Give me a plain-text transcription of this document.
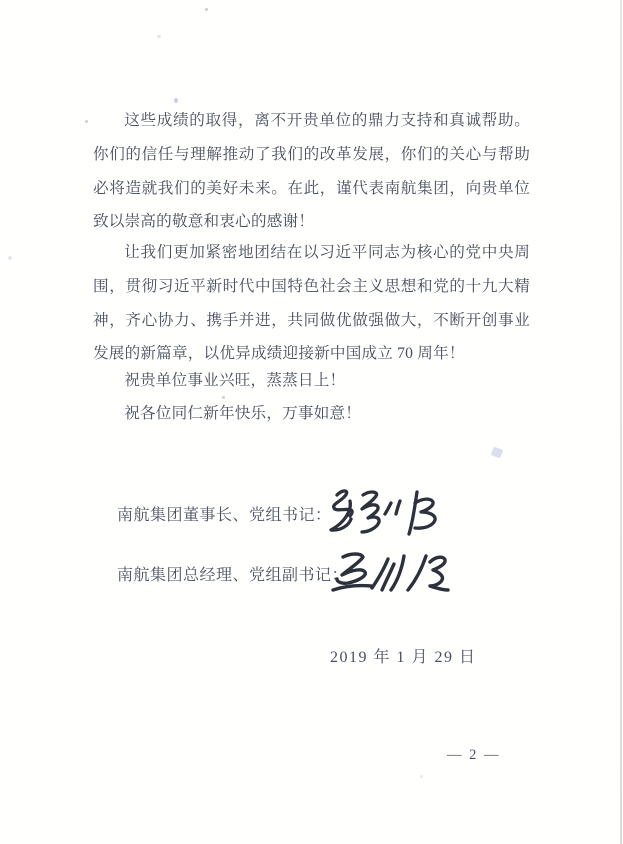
这些成绩的取得，离不开贵单位的鼎力支持和真诚帮助。你们的信任与理解推动了我们的改革发展，你们的关心与帮助必将造就我们的美好未来。在此，谨代表南航集团，向贵单位致以崇高的敬意和衷心的感谢！

让我们更加紧密地团结在以习近平同志为核心的党中央周围，贯彻习近平新时代中国特色社会主义思想和党的十九大精神，齐心协力、携手并进，共同做优做强做大，不断开创事业发展的新篇章，以优异成绩迎接新中国成立 70 周年！

祝贵单位事业兴旺，蒸蒸日上！

祝各位同仁新年快乐，万事如意！

南航集团董事长、党组书记：
南航集团总经理、党组副书记：
2019 年 1 月 29 日
— 2 —
